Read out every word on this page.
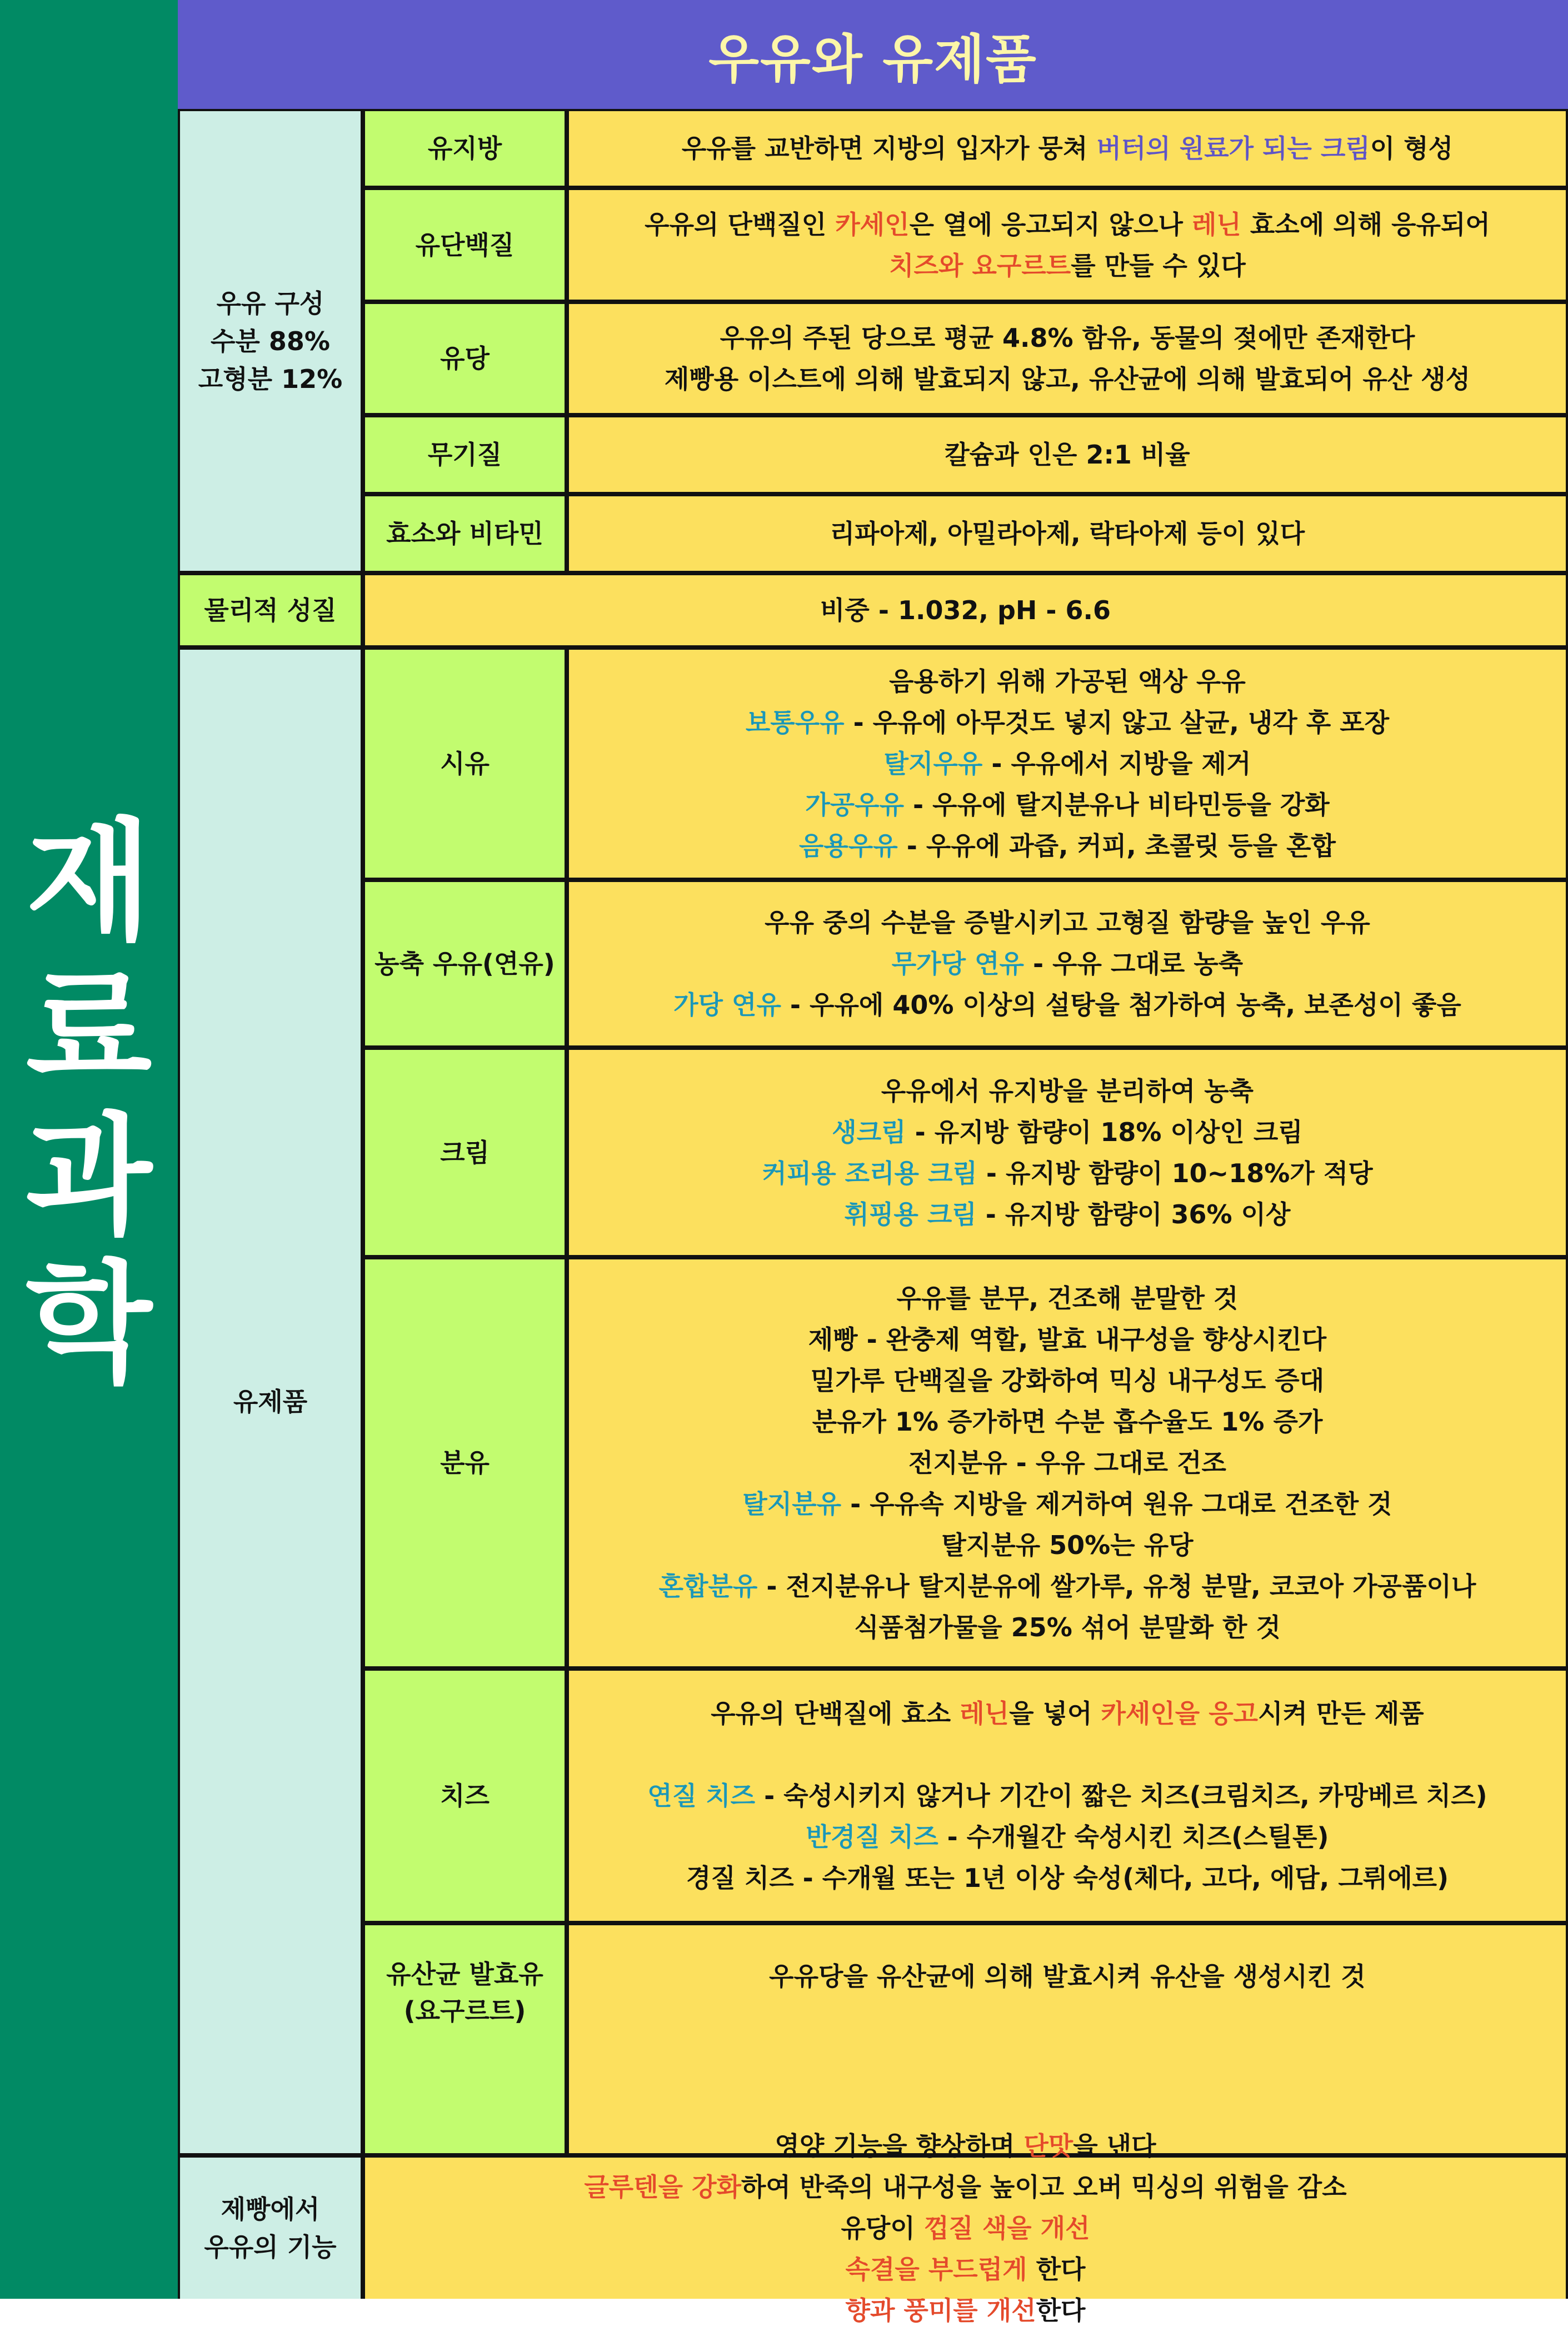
재
료
과
학
우유와 유제품
우유 구성
수분 88%
고형분 12%
유제품
제빵에서
우유의 기능
유지방
유단백질
유당
무기질
효소와 비타민
물리적 성질
시유
농축 우유(연유)
크림
분유
치즈
유산균 발효유
(요구르트)
우유를 교반하면 지방의 입자가 뭉쳐 버터의 원료가 되는 크림이 형성
우유의 단백질인 카세인은 열에 응고되지 않으나 레닌 효소에 의해 응유되어
치즈와 요구르트를 만들 수 있다
우유의 주된 당으로 평균 4.8% 함유, 동물의 젖에만 존재한다
제빵용 이스트에 의해 발효되지 않고, 유산균에 의해 발효되어 유산 생성
칼슘과 인은 2:1 비율
리파아제, 아밀라아제, 락타아제 등이 있다
비중 - 1.032, pH - 6.6
음용하기 위해 가공된 액상 우유
보통우유 - 우유에 아무것도 넣지 않고 살균, 냉각 후 포장
탈지우유 - 우유에서 지방을 제거
가공우유 - 우유에 탈지분유나 비타민등을 강화
음용우유 - 우유에 과즙, 커피, 초콜릿 등을 혼합
우유 중의 수분을 증발시키고 고형질 함량을 높인 우유
무가당 연유 - 우유 그대로 농축
가당 연유 - 우유에 40% 이상의 설탕을 첨가하여 농축, 보존성이 좋음
우유에서 유지방을 분리하여 농축
생크림 - 유지방 함량이 18% 이상인 크림
커피용 조리용 크림 - 유지방 함량이 10~18%가 적당
휘핑용 크림 - 유지방 함량이 36% 이상
우유를 분무, 건조해 분말한 것
제빵 - 완충제 역할, 발효 내구성을 향상시킨다
밀가루 단백질을 강화하여 믹싱 내구성도 증대
분유가 1% 증가하면 수분 흡수율도 1% 증가
전지분유 - 우유 그대로 건조
탈지분유 - 우유속 지방을 제거하여 원유 그대로 건조한 것
탈지분유 50%는 유당
혼합분유 - 전지분유나 탈지분유에 쌀가루, 유청 분말, 코코아 가공품이나
식품첨가물을 25% 섞어 분말화 한 것
우유의 단백질에 효소 레닌을 넣어 카세인을 응고시켜 만든 제품
연질 치즈 - 숙성시키지 않거나 기간이 짧은 치즈(크림치즈, 카망베르 치즈)
반경질 치즈 - 수개월간 숙성시킨 치즈(스틸톤)
경질 치즈 - 수개월 또는 1년 이상 숙성(체다, 고다, 에담, 그뤼에르)
우유당을 유산균에 의해 발효시켜 유산을 생성시킨 것
영양 기능을 향상하며 단맛을 낸다
글루텐을 강화하여 반죽의 내구성을 높이고 오버 믹싱의 위험을 감소
유당이 껍질 색을 개선
속결을 부드럽게 한다
향과 풍미를 개선한다
